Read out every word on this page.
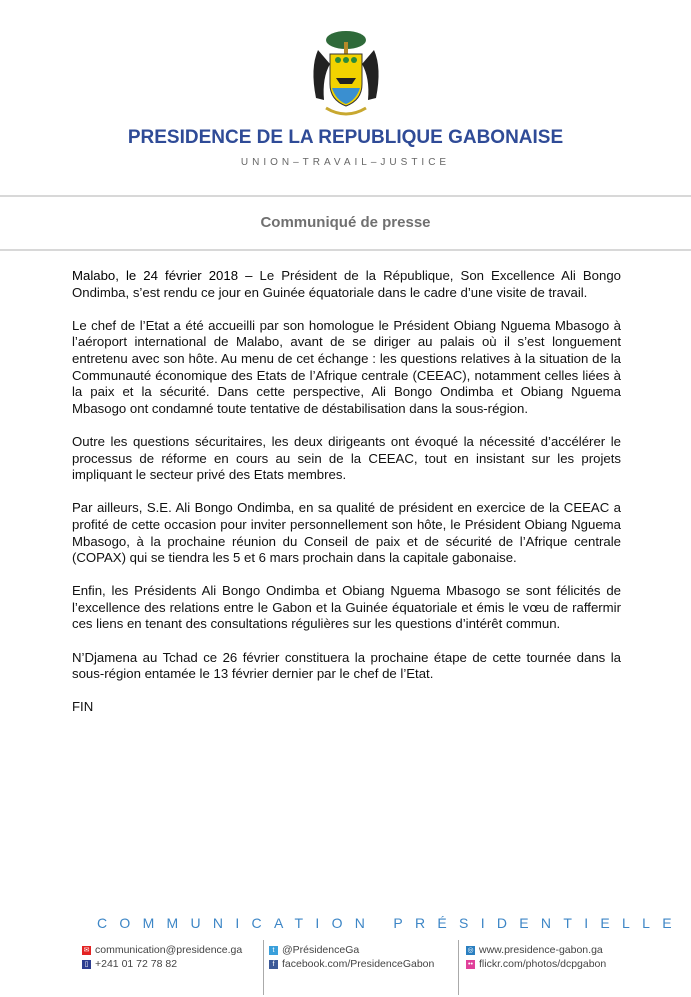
PRESIDENCE DE LA REPUBLIQUE GABONAISE
UNION–TRAVAIL–JUSTICE
Communiqué de presse

Malabo, le 24 février 2018 – Le Président de la République, Son Excellence Ali Bongo Ondimba, s’est rendu ce jour en Guinée équatoriale dans le cadre d’une visite de travail.

Le chef de l’Etat a été accueilli par son homologue le Président Obiang Nguema Mbasogo à l’aéroport international de Malabo, avant de se diriger au palais où il s’est longuement entretenu avec son hôte. Au menu de cet échange : les questions relatives à la situation de la Communauté économique des Etats de l’Afrique centrale (CEEAC), notamment celles liées à la paix et la sécurité. Dans cette perspective, Ali Bongo Ondimba et Obiang Nguema Mbasogo ont condamné toute tentative de déstabilisation dans la sous-région.

Outre les questions sécuritaires, les deux dirigeants ont évoqué la nécessité d’accélérer le processus de réforme en cours au sein de la CEEAC, tout en insistant sur les projets impliquant le secteur privé des Etats membres.

Par ailleurs, S.E. Ali Bongo Ondimba, en sa qualité de président en exercice de la CEEAC a profité de cette occasion pour inviter personnellement son hôte, le Président Obiang Nguema Mbasogo, à la prochaine réunion du Conseil de paix et de sécurité de l’Afrique centrale (COPAX) qui se tiendra les 5 et 6 mars prochain dans la capitale gabonaise.

Enfin, les Présidents Ali Bongo Ondimba et Obiang Nguema Mbasogo se sont félicités de l’excellence des relations entre le Gabon et la Guinée équatoriale et émis le vœu de raffermir ces liens en tenant des consultations régulières sur les questions d’intérêt commun.

N’Djamena au Tchad ce 26 février constituera la prochaine étape de cette tournée dans la sous-région entamée le 13 février dernier par le chef de l’Etat.

FIN

COMMUNICATION PRÉSIDENTIELLE
✉ communication@presidence.ga
▯ +241 01 72 78 82
t @PrésidenceGa
f facebook.com/PresidenceGabon
◎ www.presidence-gabon.ga
•• flickr.com/photos/dcpgabon
